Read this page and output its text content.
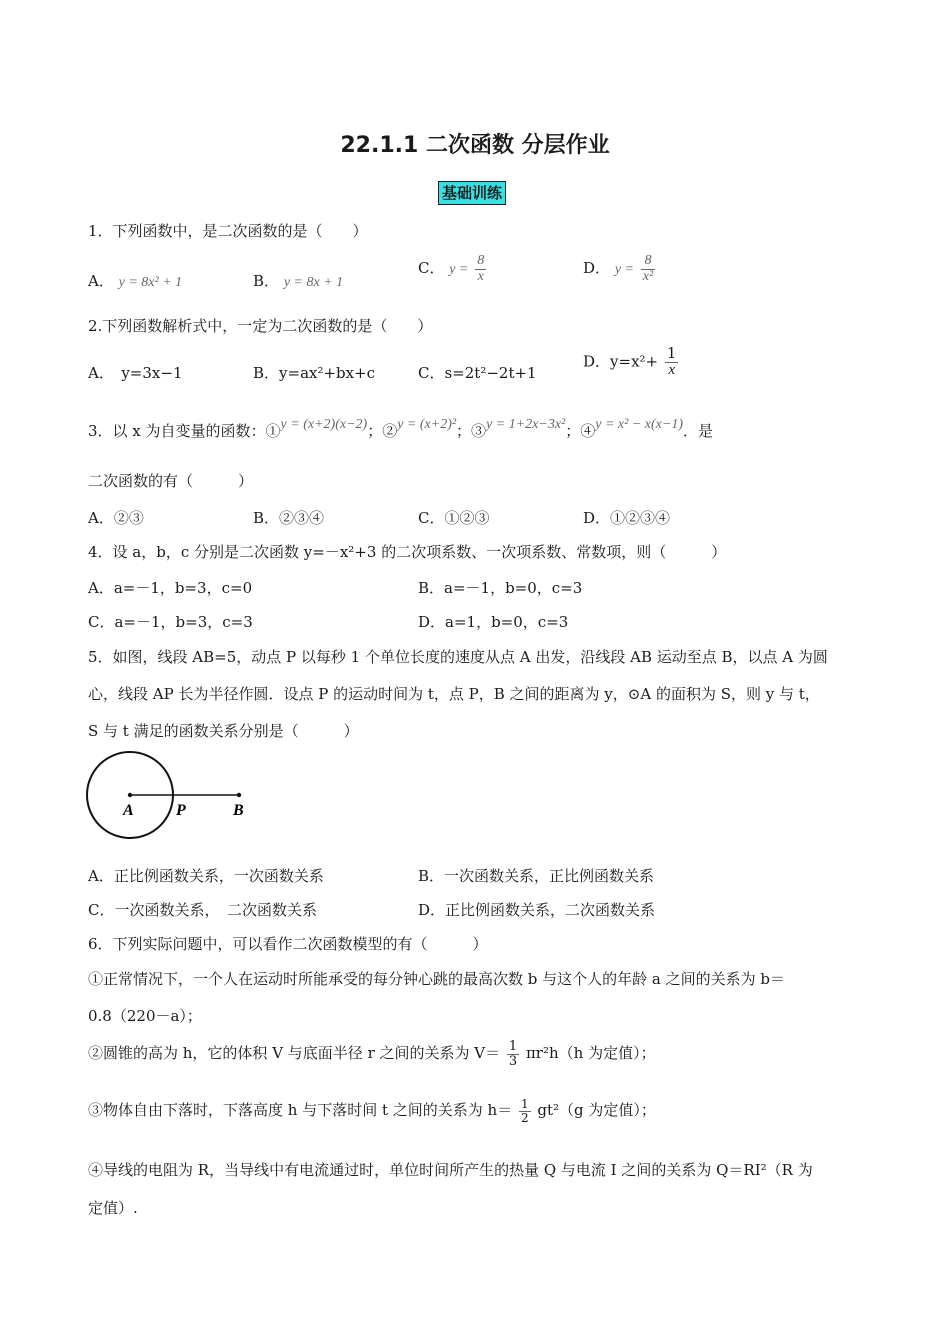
22.1.1 二次函数 分层作业
基础训练
1．下列函数中，是二次函数的是（　　）
A． y = 8x² + 1	B． y = 8x + 1
C． $y = \frac{8}{x}$	D． $y = \frac{8}{\text{x²}}$
2.下列函数解析式中，一定为二次函数的是（　　）
A．　y=3x−1	B．y=ax²+bx+c	C．s=2t²−2t+1
D．$y=x^2+ \frac{1}{x}$
3．以 x 为自变量的函数：①y = (x+2)(x−2)；②y = (x+2)²；③y = 1+2x−3x²；④y = x² − x(x−1)．是
二次函数的有（　　　）
A．②③	B．②③④	C．①②③	D．①②③④
4．设 a，b，c 分别是二次函数 y=－x²+3 的二次项系数、一次项系数、常数项，则（　　　）
A．a=－1，b=3，c=0	B．a=－1，b=0，c=3
C．a=－1，b=3，c=3	D．a=1，b=0，c=3
5．如图，线段 AB=5，动点 P 以每秒 1 个单位长度的速度从点 A 出发，沿线段 AB 运动至点 B，以点 A 为圆
心，线段 AP 长为半径作圆．设点 P 的运动时间为 t，点 P，B 之间的距离为 y，⊙A 的面积为 S，则 y 与 t，
S 与 t 满足的函数关系分别是（　　　）
A	P	B
A．正比例函数关系，一次函数关系	B．一次函数关系，正比例函数关系
C．一次函数关系，　二次函数关系	D．正比例函数关系，二次函数关系
6．下列实际问题中，可以看作二次函数模型的有（　　　）
①正常情况下，一个人在运动时所能承受的每分钟心跳的最高次数 b 与这个人的年龄 a 之间的关系为 b＝
0.8（220－a）；
②圆锥的高为 h，它的体积 V 与底面半径 r 之间的关系为 $V= \frac{1}{3} \pi r^2h(h$ 为定值）；
③物体自由下落时，下落高度 h 与下落时间 t 之间的关系为 $h= \frac{1}{2} gt^2(g$ 为定值）；
④导线的电阻为 R，当导线中有电流通过时，单位时间所产生的热量 Q 与电流 I 之间的关系为 Q＝RI²（R 为
定值）.
